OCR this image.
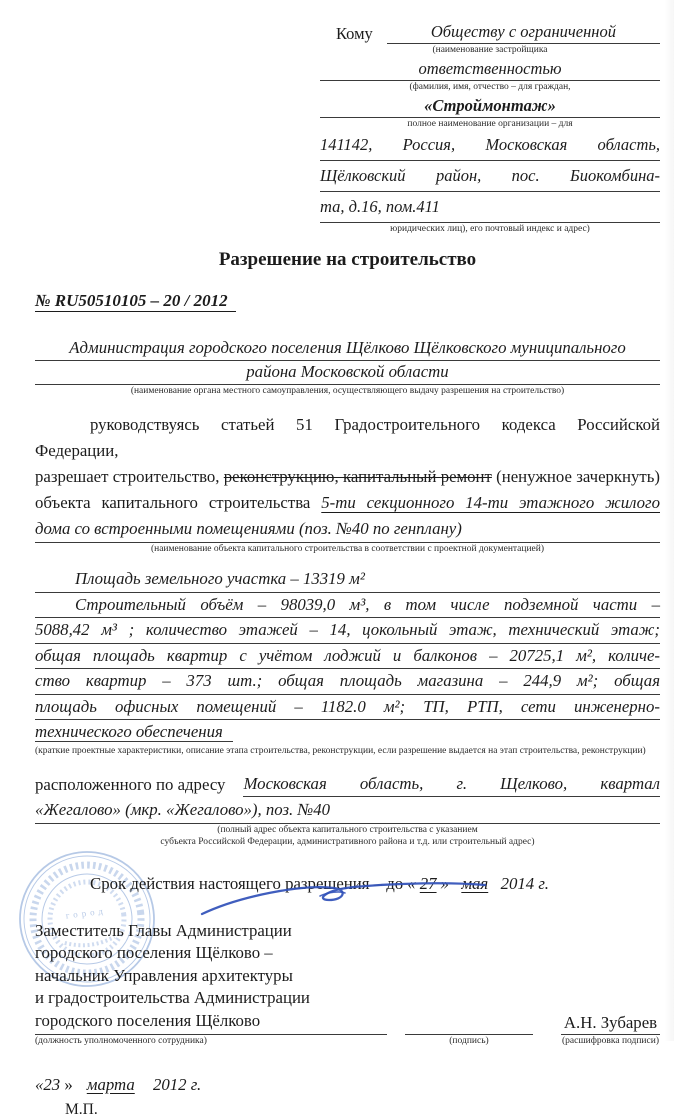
город
Кому	Обществу с ограниченной
(наименование застройщика
ответственностью
(фамилия, имя, отчество – для граждан,
«Строймонтаж»
полное наименование организации – для
141142, Россия, Московская область,
Щёлковский район, пос. Биокомбина-
та, д.16, пом.411
юридических лиц), его почтовый индекс и адрес)
Разрешение на строительство
№ RU50510105 – 20 / 2012
Администрация городского поселения Щёлково Щёлковского муниципального
района Московской области
(наименование органа местного самоуправления, осуществляющего выдачу разрешения на строительство)
руководствуясь статьей 51 Градостроительного кодекса Российской Федерации,
разрешает строительство, реконструкцию, капитальный ремонт (ненужное зачеркнуть)
объекта капитального строительства 5-ти секционного 14-ти этажного жилого
дома со встроенными помещениями (поз. №40 по генплану)
(наименование объекта капитального строительства в соответствии с проектной документацией)
Площадь земельного участка – 13319 м²
Строительный объём – 98039,0 м³, в том числе подземной части –
5088,42 м³ ; количество этажей – 14, цокольный этаж, технический этаж;
общая площадь квартир с учётом лоджий и балконов – 20725,1 м², количе-
ство квартир – 373 шт.; общая площадь магазина – 244,9 м²; общая
площадь офисных помещений – 1182.0 м²; ТП, РТП, сети инженерно-
технического обеспечения
(краткие проектные характеристики, описание этапа строительства, реконструкции, если разрешение выдается на этап строительства, реконструкции)
расположенного по адресу	Московская область, г. Щелково, квартал
«Жегалово» (мкр. «Жегалово»), поз. №40
(полный адрес объекта капитального строительства с указанием
субъекта Российской Федерации, административного района и т.д. или строительный адрес)
Срок действия настоящего разрешения – до « 27 » мая 2014 г.
Заместитель Главы Администрации
городского поселения Щёлково –
начальник Управления архитектуры
и градостроительства Администрации
городского поселения Щёлково
(должность уполномоченного сотрудника)	(подпись)
А.Н. Зубарев
(расшифровка подписи)
«23 » марта 2012 г.
М.П.
